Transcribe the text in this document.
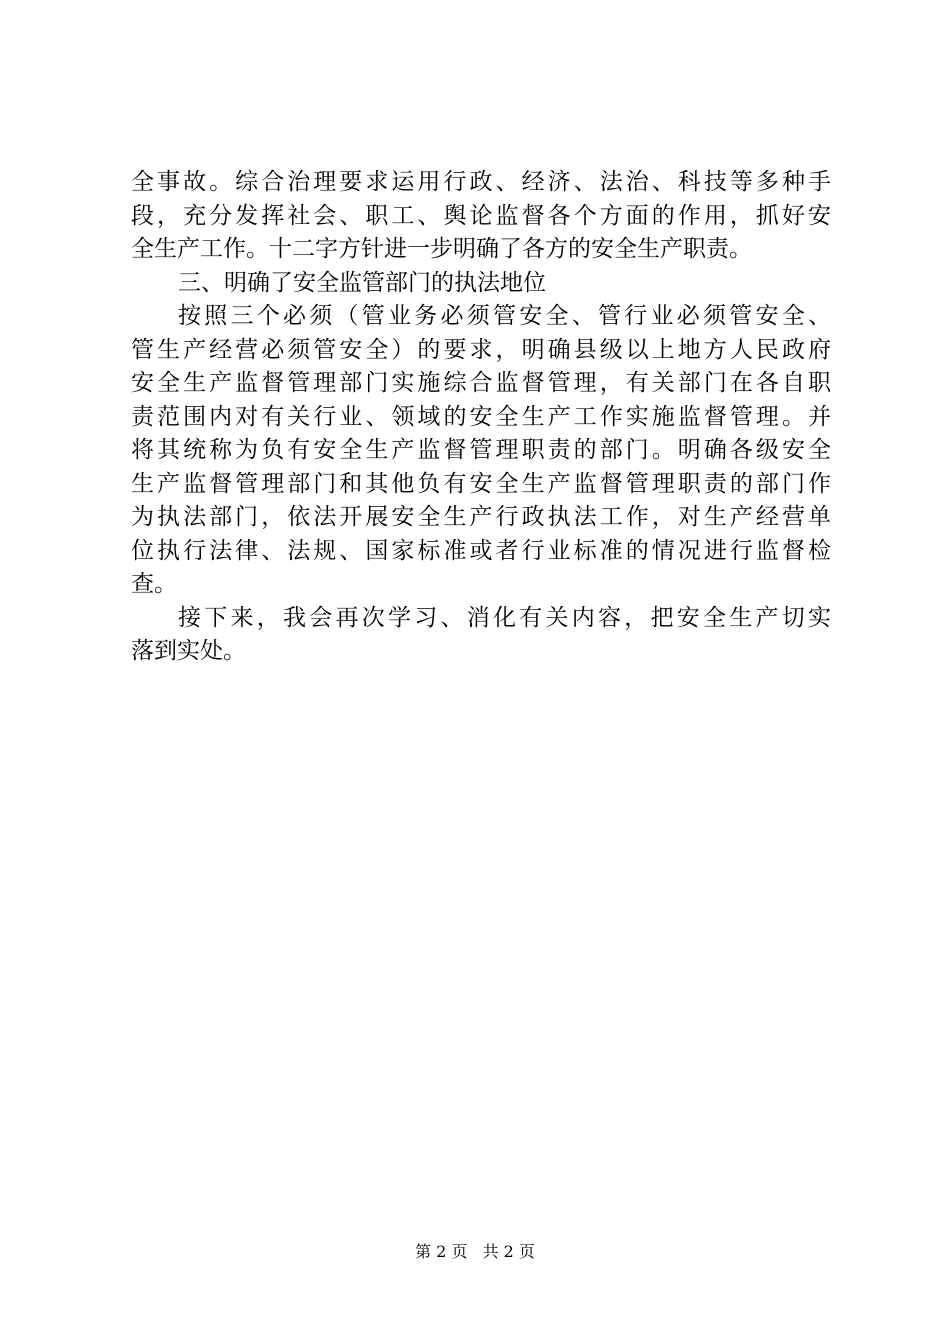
全事故。综合治理要求运用行政、经济、法治、科技等多种手
段，充分发挥社会、职工、舆论监督各个方面的作用，抓好安
全生产工作。十二字方针进一步明确了各方的安全生产职责。
三、明确了安全监管部门的执法地位
按照三个必须（管业务必须管安全、管行业必须管安全、
管生产经营必须管安全）的要求，明确县级以上地方人民政府
安全生产监督管理部门实施综合监督管理，有关部门在各自职
责范围内对有关行业、领域的安全生产工作实施监督管理。并
将其统称为负有安全生产监督管理职责的部门。明确各级安全
生产监督管理部门和其他负有安全生产监督管理职责的部门作
为执法部门，依法开展安全生产行政执法工作，对生产经营单
位执行法律、法规、国家标准或者行业标准的情况进行监督检
查。
接下来，我会再次学习、消化有关内容，把安全生产切实
落到实处。
第 2 页 共 2 页
